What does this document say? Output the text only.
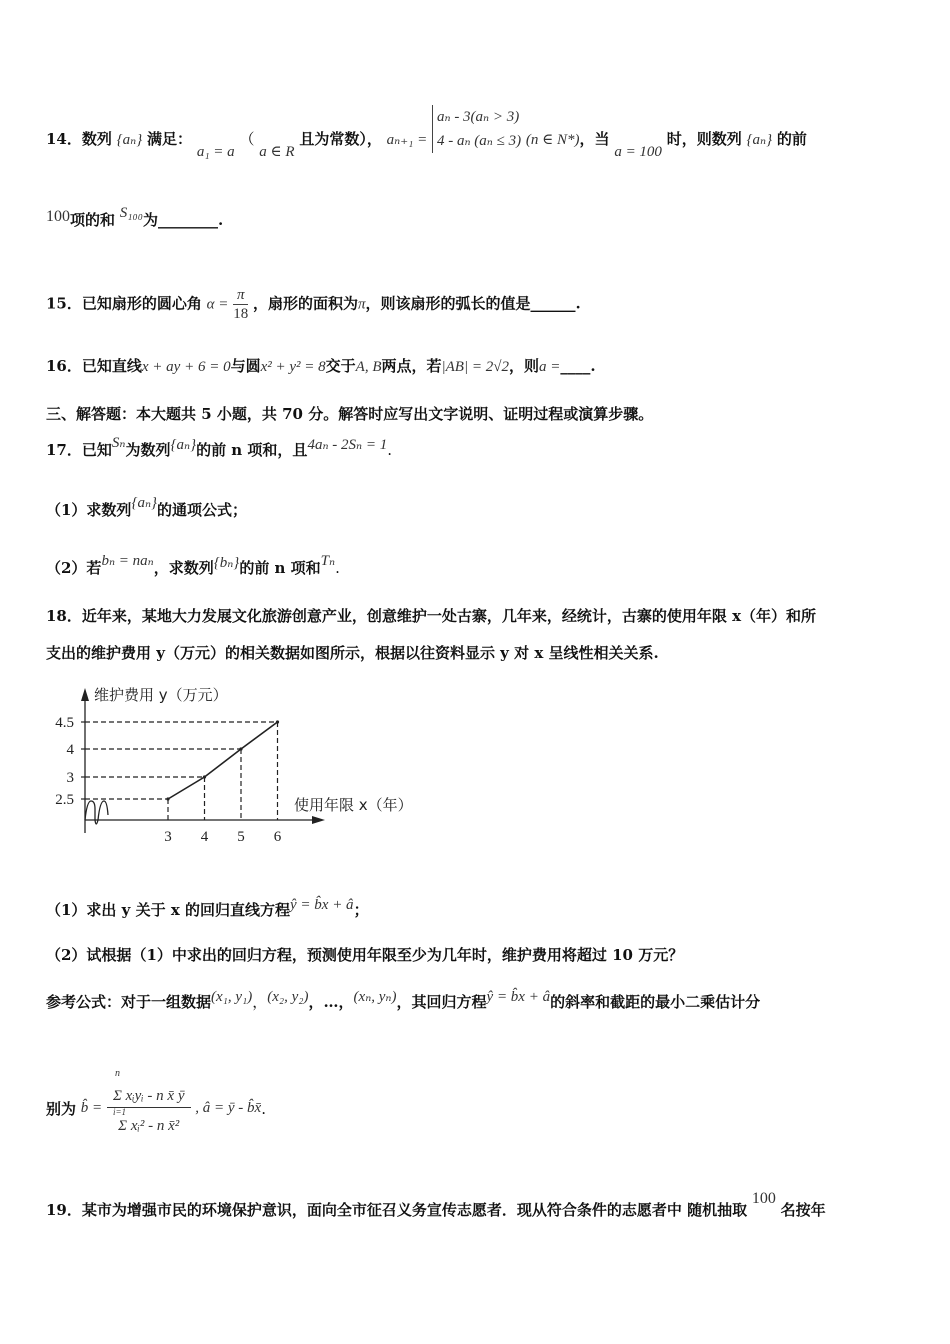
14．数列 {aₙ} 满足： a₁ = a （ a ∈ R 且为常数）， aₙ₊₁ =
aₙ - 3(aₙ > 3)
4 - aₙ (aₙ ≤ 3) (n ∈ N*)，当 a = 100 时，则数列 {aₙ} 的前
100项的和 S₁₀₀为________.
15．已知扇形的圆心角 $\alpha = \frac{\pi}{18}$ ，扇形的面积为π，则该扇形的弧长的值是______.
16．已知直线x + ay + 6 = 0与圆x² + y² = 8交于A, B两点，若|AB| = 2√2，则a =____.
三、解答题：本大题共 5 小题，共 70 分。解答时应写出文字说明、证明过程或演算步骤。
17．已知Sₙ为数列{aₙ}的前 n 项和，且4aₙ - 2Sₙ = 1.
（1）求数列{aₙ}的通项公式；
（2）若bₙ = naₙ，求数列{bₙ}的前 n 项和Tₙ.
18．近年来，某地大力发展文化旅游创意产业，创意维护一处古寨，几年来，经统计，古寨的使用年限 x（年）和所
支出的维护费用 y（万元）的相关数据如图所示，根据以往资料显示 y 对 x 呈线性相关关系.
维护费用 y（万元）
使用年限 x（年）
2.5
3
4
4.5
3 4 5 6
（1）求出 y 关于 x 的回归直线方程ŷ = b̂x + â；
（2）试根据（1）中求出的回归方程，预测使用年限至少为几年时，维护费用将超过 10 万元？
参考公式：对于一组数据(x₁, y₁)，(x₂, y₂)，…，(xₙ, yₙ)，其回归方程ŷ = b̂x + â的斜率和截距的最小二乘估计分
别为 b̂ =
n
Σ xᵢyᵢ - n x̄ ȳ
i=1
Σ xᵢ² - n x̄²
, â = ȳ - b̂x̄.
19．某市为增强市民的环境保护意识，面向全市征召义务宣传志愿者．现从符合条件的志愿者中 随机抽取 100 名按年
